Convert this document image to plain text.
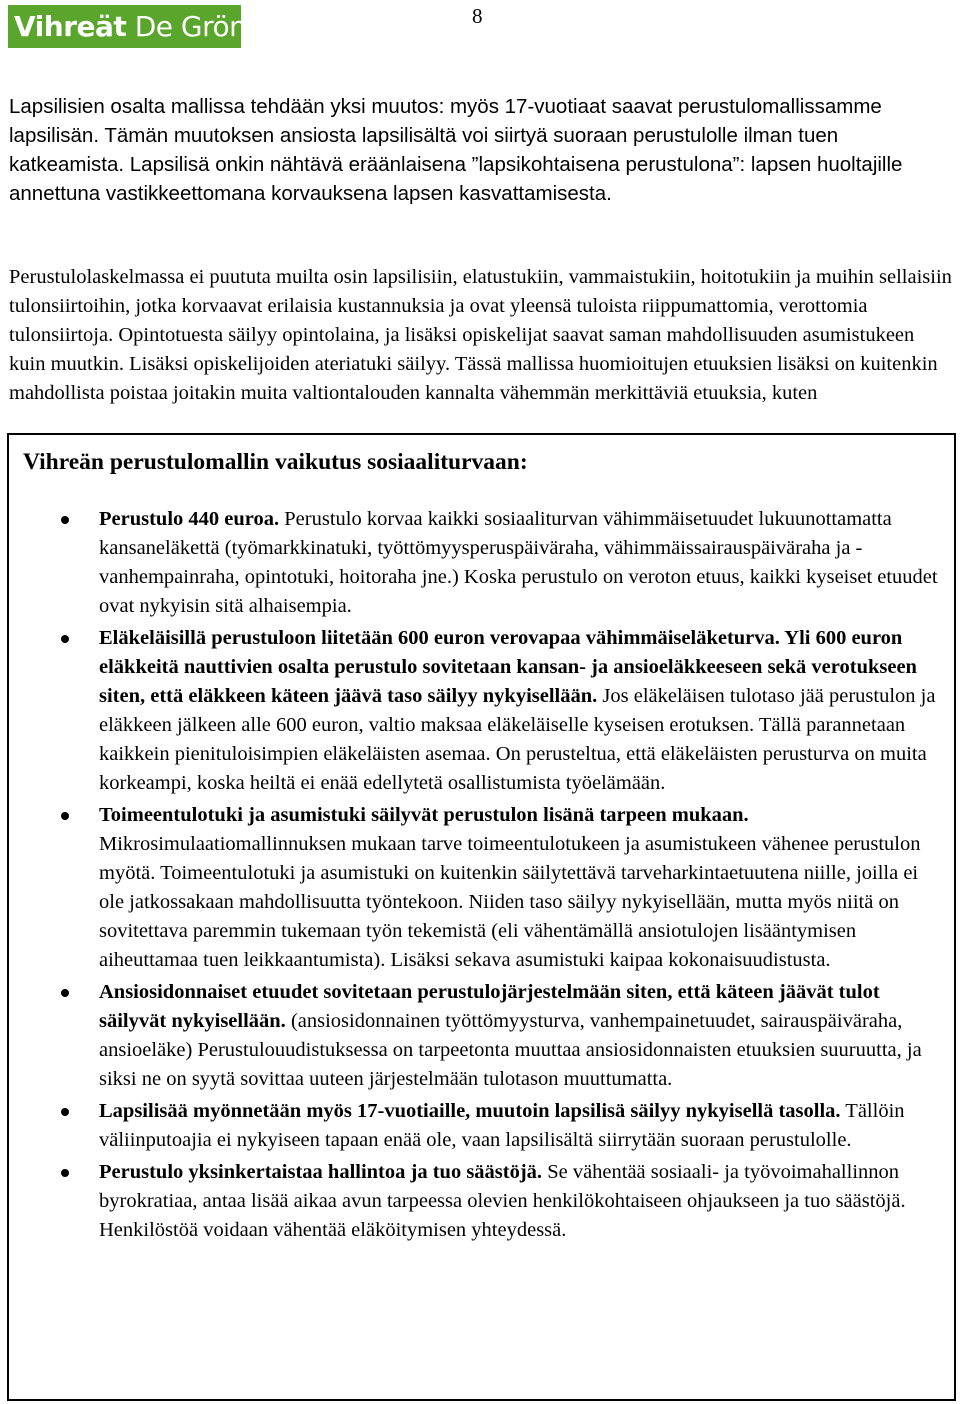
Vihreät De Gröna	8

Lapsilisien osalta mallissa tehdään yksi muutos: myös 17-vuotiaat saavat perustulomallissamme lapsilisän. Tämän muutoksen ansiosta lapsilisältä voi siirtyä suoraan perustulolle ilman tuen katkeamista. Lapsilisä onkin nähtävä eräänlaisena ”lapsikohtaisena perustulona”: lapsen huoltajille annettuna vastikkeettomana korvauksena lapsen kasvattamisesta.

Perustulolaskelmassa ei puututa muilta osin lapsilisiin, elatustukiin, vammaistukiin, hoitotukiin ja muihin sellaisiin tulonsiirtoihin, jotka korvaavat erilaisia kustannuksia ja ovat yleensä tuloista riippumattomia, verottomia tulonsiirtoja. Opintotuesta säilyy opintolaina, ja lisäksi opiskelijat saavat saman mahdollisuuden asumistukeen kuin muutkin. Lisäksi opiskelijoiden ateriatuki säilyy. Tässä mallissa huomioitujen etuuksien lisäksi on kuitenkin mahdollista poistaa joitakin muita valtiontalouden kannalta vähemmän merkittäviä etuuksia, kuten

Vihreän perustulomallin vaikutus sosiaaliturvaan:
Perustulo 440 euroa. Perustulo korvaa kaikki sosiaaliturvan vähimmäisetuudet lukuunottamatta kansaneläkettä (työmarkkinatuki, työttömyysperuspäiväraha, vähimmäissairauspäiväraha ja -vanhempainraha, opintotuki, hoitoraha jne.) Koska perustulo on veroton etuus, kaikki kyseiset etuudet ovat nykyisin sitä alhaisempia.
Eläkeläisillä perustuloon liitetään 600 euron verovapaa vähimmäiseläketurva. Yli 600 euron eläkkeitä nauttivien osalta perustulo sovitetaan kansan- ja ansioeläkkeeseen sekä verotukseen siten, että eläkkeen käteen jäävä taso säilyy nykyisellään. Jos eläkeläisen tulotaso jää perustulon ja eläkkeen jälkeen alle 600 euron, valtio maksaa eläkeläiselle kyseisen erotuksen. Tällä parannetaan kaikkein pienituloisimpien eläkeläisten asemaa. On perusteltua, että eläkeläisten perusturva on muita korkeampi, koska heiltä ei enää edellytetä osallistumista työelämään.
Toimeentulotuki ja asumistuki säilyvät perustulon lisänä tarpeen mukaan. Mikrosimulaatiomallinnuksen mukaan tarve toimeentulotukeen ja asumistukeen vähenee perustulon myötä. Toimeentulotuki ja asumistuki on kuitenkin säilytettävä tarveharkintaetuutena niille, joilla ei ole jatkossakaan mahdollisuutta työntekoon. Niiden taso säilyy nykyisellään, mutta myös niitä on sovitettava paremmin tukemaan työn tekemistä (eli vähentämällä ansiotulojen lisääntymisen aiheuttamaa tuen leikkaantumista). Lisäksi sekava asumistuki kaipaa kokonaisuudistusta.
Ansiosidonnaiset etuudet sovitetaan perustulojärjestelmään siten, että käteen jäävät tulot säilyvät nykyisellään. (ansiosidonnainen työttömyysturva, vanhempainetuudet, sairauspäiväraha, ansioeläke) Perustulouudistuksessa on tarpeetonta muuttaa ansiosidonnaisten etuuksien suuruutta, ja siksi ne on syytä sovittaa uuteen järjestelmään tulotason muuttumatta.
Lapsilisää myönnetään myös 17-vuotiaille, muutoin lapsilisä säilyy nykyisellä tasolla. Tällöin väliinputoajia ei nykyiseen tapaan enää ole, vaan lapsilisältä siirrytään suoraan perustulolle.
Perustulo yksinkertaistaa hallintoa ja tuo säästöjä. Se vähentää sosiaali- ja työvoimahallinnon byrokratiaa, antaa lisää aikaa avun tarpeessa olevien henkilökohtaiseen ohjaukseen ja tuo säästöjä. Henkilöstöä voidaan vähentää eläköitymisen yhteydessä.
